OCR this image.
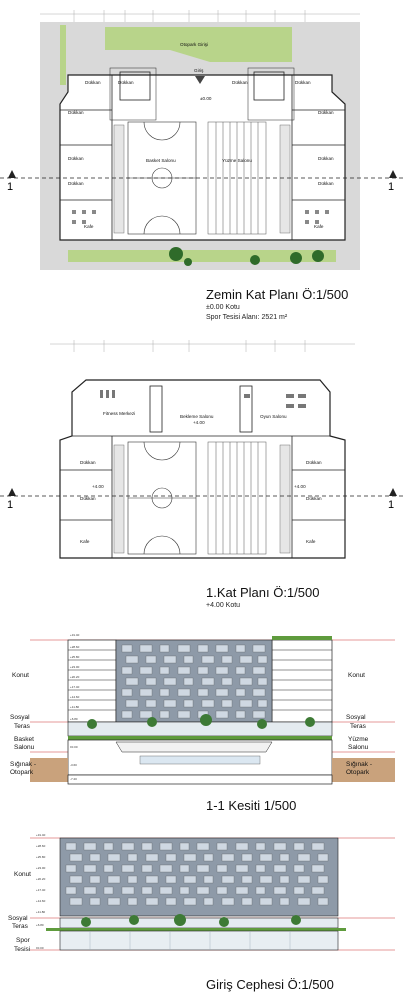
Dükkan	Dükkan
Dükkan	Dükkan
Dükkan	Dükkan
Dükkan	Dükkan
Dükkan
Dükkan
Otopark Girişi
Giriş
±0.00
Basket Salonu	Yüzme Salonu
Kafe	Kafe
1	1
Fitness Merkezi
Bekleme Salonu
+4.00
Oyun Salonu
Dükkan	Dükkan
Dükkan	Dükkan
+4.00	+4.00
Kafe	Kafe
1	1
+31.40
+28.60
+25.80
+23.00
+20.20
+17.40
+14.60
+11.80
+6.80
±0.00
-3.60
-7.20
Konut	Konut
Sosyal
Teras
Sosyal
Teras
Basket
Salonu
Yüzme
Salonu
Sığınak -
Otopark
Sığınak -
Otopark
+31.40
+28.60
+25.80
+23.00
+20.20
+17.40
+14.60
+11.80
+6.80
±0.00
Konut
Sosyal
Teras
Spor
Tesisi
Zemin Kat Planı Ö:1/500
±0.00 Kotu
Spor Tesisi Alanı: 2521 m²
1.Kat Planı Ö:1/500
+4.00 Kotu
1-1 Kesiti 1/500
Giriş Cephesi Ö:1/500
